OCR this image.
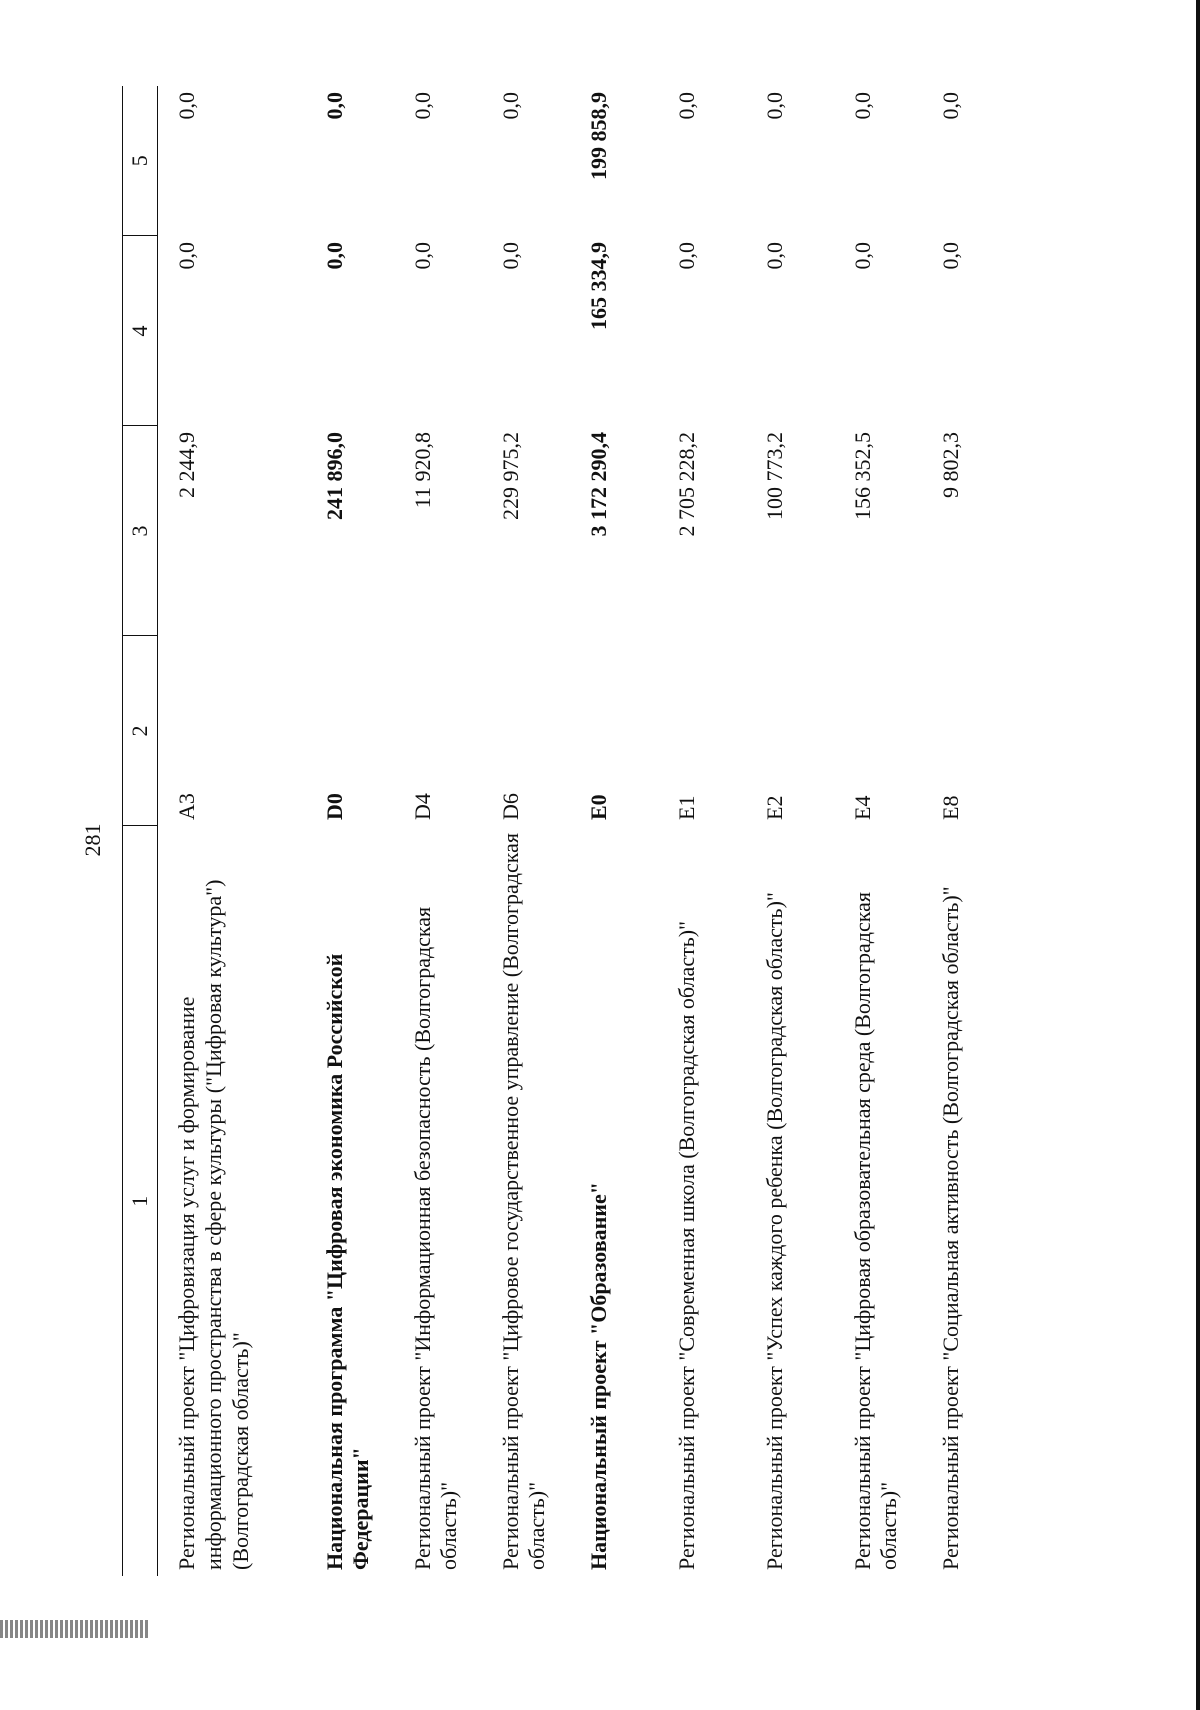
281
1	2	3	4	5
Региональный проект "Цифровизация услуг и формирование информационного пространства в сфере культуры ("Цифровая культура") (Волгоградская область)"	A3	2 244,9	0,0	0,0
Национальная программа "Цифровая экономика Российской Федерации"	D0	241 896,0	0,0	0,0
Региональный проект "Информационная безопасность (Волгоградская область)"	D4	11 920,8	0,0	0,0
Региональный проект "Цифровое государственное управление (Волгоградская область)"	D6	229 975,2	0,0	0,0
Национальный проект "Образование"	E0	3 172 290,4	165 334,9	199 858,9
Региональный проект "Современная школа (Волгоградская область)"	E1	2 705 228,2	0,0	0,0
Региональный проект "Успех каждого ребенка (Волгоградская область)"	E2	100 773,2	0,0	0,0
Региональный проект "Цифровая образовательная среда (Волгоградская область)"	E4	156 352,5	0,0	0,0
Региональный проект "Социальная активность (Волгоградская область)"	E8	9 802,3	0,0	0,0
